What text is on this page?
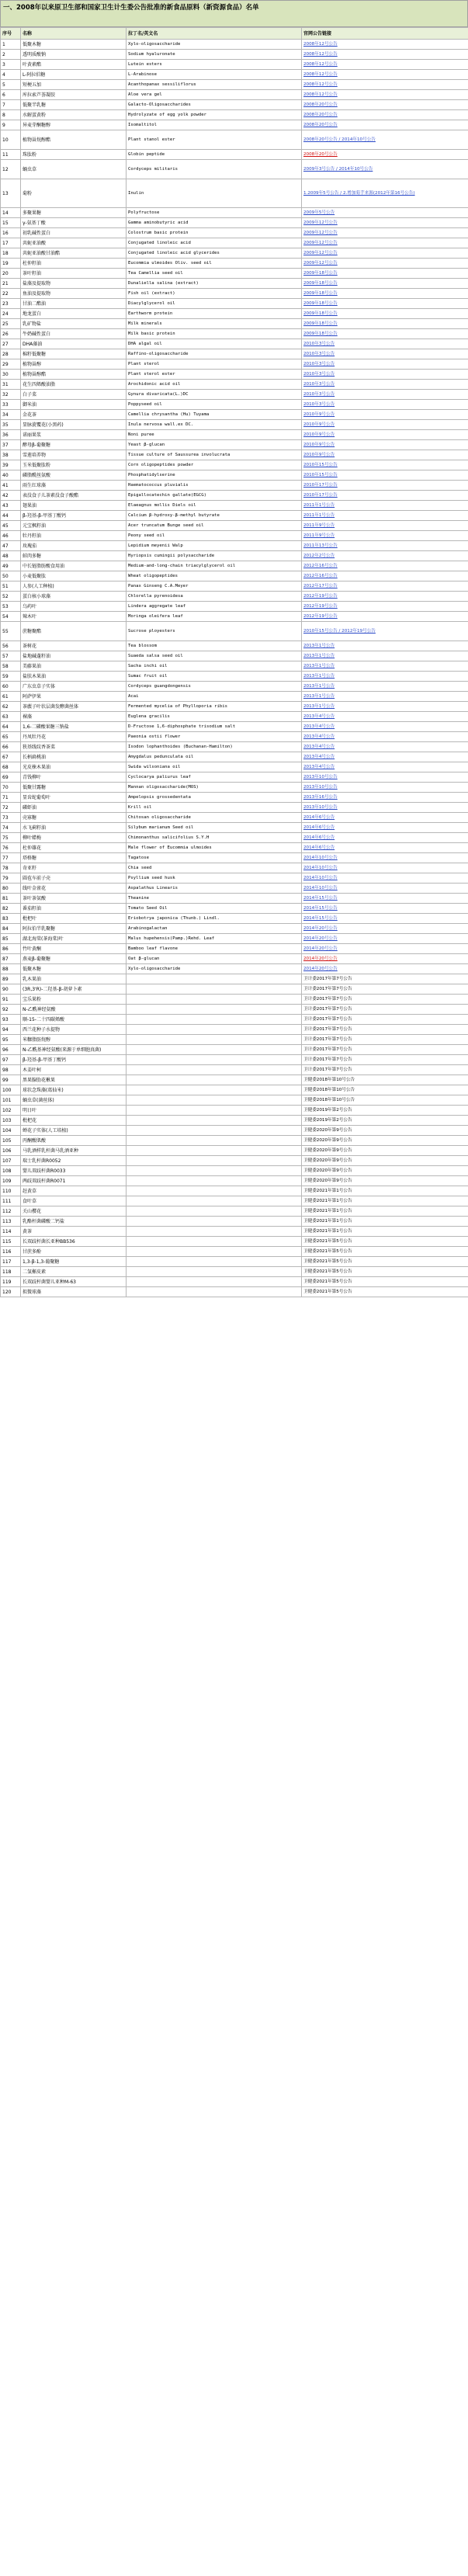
一、2008年以来原卫生部和国家卫生计生委公告批准的新食品原料（新资源食品）名单
序号	名称	拉丁名/英文名	官网公告链接
1	低聚木糖	Xylo-oligosaccharide	2008年12号公告
2	透明质酸钠	Sodium hyaluronate	2008年12号公告
3	叶黄素酯	Lutein esters	2008年12号公告
4	L-阿拉伯糖	L-Arabinose	2008年12号公告
5	短梗五加	Acanthopanax sessiliflorus	2008年12号公告
6	库拉索芦荟凝胶	Aloe vera gel	2008年12号公告
7	低聚半乳糖	Galacto-Oligosaccharides	2008年20号公告
8	水解蛋黄粉	Hydrolyzate of egg yolk powder	2008年20号公告
9	异麦芽酮糖醇	Isomaltitol	2008年20号公告
10	植物甾烷醇酯	Plant stanol ester	2008年20号公告 / 2014年10号公告
11	珠肽粉	Globin peptide	2008年20号公告
12	蛹虫草	Cordyceps militaris	2009年3号公告 / 2014年10号公告
13	菊粉	Inulin	1.2009年5号公告 / 2.增加菊芋来源(2012年第16号公告)
14	多聚果糖	Polyfructose	2009年5号公告
15	γ-氨基丁酸	Gamma aminobutyric acid	2009年12号公告
16	初乳碱性蛋白	Colostrum basic protein	2009年12号公告
17	共轭亚油酸	Conjugated linoleic acid	2009年12号公告
18	共轭亚油酸甘油酯	Conjugated linoleic acid glycerides	2009年12号公告
19	杜仲籽油	Eucommia ulmoides Oliv. seed oil	2009年12号公告
20	茶叶籽油	Tea Camellia seed oil	2009年18号公告
21	盐藻及提取物	Dunaliella salina (extract)	2009年18号公告
22	鱼油及提取物	Fish oil (extract)	2009年18号公告
23	甘油二酯油	Diacylglycerol oil	2009年18号公告
24	地龙蛋白	Earthworm protein	2009年18号公告
25	乳矿物盐	Milk minerals	2009年18号公告
26	牛奶碱性蛋白	Milk basic protein	2009年18号公告
27	DHA藻油	DHA algal oil	2010年3号公告
28	棉籽低聚糖	Raffino-oligosaccharide	2010年3号公告
29	植物甾醇	Plant sterol	2010年3号公告
30	植物甾醇酯	Plant sterol ester	2010年3号公告
31	花生四烯酸油脂	Arochidonic acid oil	2010年3号公告
32	白子菜	Gynura divaricata(L.)DC	2010年3号公告
33	御米油	Poppyseed oil	2010年3号公告
34	金花茶	Camellia chrysantha (Hu) Tuyama	2010年9号公告
35	显脉旋覆花(小黑药)	Inula nervosa wall.ex DC.	2010年9号公告
36	诺丽果浆	Noni puree	2010年9号公告
37	酵母β-葡聚糖	Yeast β-glucan	2010年9号公告
38	雪莲培养物	Tissue culture of Saussurea involucrata	2010年9号公告
39	玉米低聚肽粉	Corn oligopeptides powder	2010年15号公告
40	磷脂酰丝氨酸	Phosphatidylserine	2010年15号公告
41	雨生红球藻	Haematococcus pluvialis	2010年17号公告
42	表没食子儿茶素没食子酸酯	Epigallocatechin gallate(EGCG)	2010年17号公告
43	翅果油	Elaeagnus mollis Diels oil	2011年1号公告
44	β-羟基-β-甲基丁酸钙	Calcium β-hydroxy-β-methyl butyrate	2011年1号公告
45	元宝枫籽油	Acer truncatum Bunge seed oil	2011年9号公告
46	牡丹籽油	Peony seed oil	2011年9号公告
47	玫瑰茄	Lepidium meyenii Walp	2011年13号公告
48	蚌肉多糖	Hyriopsis cumingii polysaccharide	2012年2号公告
49	中长链脂肪酸食用油	Medium-and-long-chain triacylglycerol oil	2012年16号公告
50	小麦低聚肽	Wheat oligopeptides	2012年16号公告
51	人参(人工种植)	Panax Ginseng C.A.Meyer	2012年17号公告
52	蛋白核小球藻	Chlorella pyrenoidesa	2012年19号公告
53	乌药叶	Lindera aggregate leaf	2012年19号公告
54	辣木叶	Moringa oleifera leaf	2012年19号公告
55	蔗糖聚酯	Sucrose ployesters	2010年15号公告 / 2012年19号公告
56	茶树花	Tea blossom	2013年1号公告
57	盐地碱蓬籽油	Suaeda salsa seed oil	2013年1号公告
58	美藤果油	Sacha inchi oil	2013年1号公告
59	盐肤木果油	Sumac fruit oil	2013年1号公告
60	广东虫草子实体	Cordyceps guangdongensis	2013年1号公告
61	阿萨伊果	Acai	2013年1号公告
62	茶藨子叶状层菌发酵菌丝体	Fermented mycelia of Phylloporia ribis	2013年1号公告
63	裸藻	Euglena gracilis	2013年4号公告
64	1,6-二磷酸果糖三钠盐	D-Fructose 1,6-diphosphate trisodium salt	2013年4号公告
65	丹凤牡丹花	Paeonia ostii flower	2013年4号公告
66	狭基线纹香茶菜	Isodon lophanthoides (Buchanan-Hamilton)	2013年4号公告
67	长柄扁桃油	Amygdalus pedunculata oil	2013年4号公告
68	光皮梾木果油	Swida wilsoniana oil	2013年4号公告
69	青钱柳叶	Cyclocarya paliurus leaf	2013年10号公告
70	低聚甘露糖	Mannan oligosaccharide(MOS)	2013年10号公告
71	显齿蛇葡萄叶	Ampelopsis grossedentata	2013年16号公告
72	磷虾油	Krill oil	2013年10号公告
73	壳寡糖	Chitosan oligosaccharide	2014年6号公告
74	水飞蓟籽油	Silybum marianum Seed oil	2014年6号公告
75	柳叶蜡梅	Chimonanthus salicifolius S.Y.H	2014年6号公告
76	杜仲雄花	Male flower of Eucommia ulmoides	2014年6号公告
77	塔格糖	Tagatose	2014年10号公告
78	奇亚籽	Chia seed	2014年10号公告
79	圆苞车前子壳	Psyllium seed husk	2014年10号公告
80	线叶金雀花	Aspalathus Linearis	2014年10号公告
81	茶叶茶氨酸	Theanine	2014年15号公告
82	番茄籽油	Tomato Seed Oil	2014年15号公告
83	枇杷叶	Eriobotrya japonica (Thunb.) Lindl.	2014年15号公告
84	阿拉伯半乳聚糖	Arabinogalactan	2014年20号公告
85	湖北海棠(茶海棠)叶	Malus hupehensis(Pamp.)Rehd. Leaf	2014年20号公告
86	竹叶黄酮	Bamboo leaf flavone	2014年20号公告
87	燕麦β-葡聚糖	Oat β-glucan	2014年20号公告
88	低聚木糖	Xylo-oligosaccharide	2014年20号公告
89	乳木果油		卫计委2017年第7号公告
90	(3R,3'R)-二羟基-β-胡萝卜素		卫计委2017年第7号公告
91	宝乐果粉		卫计委2017年第7号公告
92	N-乙酰神经氨酸		卫计委2017年第7号公告
93	顺-15-二十四碳烯酸		卫计委2017年第7号公告
94	西兰花种子水提物		卫计委2017年第7号公告
95	米糠脂肪烷醇		卫计委2017年第7号公告
96	N-乙酰基神经氨酸(来源于单细胞真菌)		卫计委2017年第7号公告
97	β-羟基-β-甲基丁酸钙		卫计委2017年第7号公告
98	木姜叶柯		卫计委2017年第7号公告
99	黑果腺肋花楸果		卫健委2018年第10号公告
100	球状念珠藻(葛仙米)		卫健委2018年第10号公告
101	蛹虫草(菌丝体)		卫健委2018年第10号公告
102	明日叶		卫健委2019年第2号公告
103	枇杷花		卫健委2019年第2号公告
104	蝉花子实体(人工培植)		卫健委2020年第9号公告
105	丙酮酸肌酸		卫健委2020年第9号公告
106	马乳酒样乳杆菌马乳酒亚种		卫健委2020年第9号公告
107	瑞士乳杆菌R0052		卫健委2020年第9号公告
108	婴儿双歧杆菌R0033		卫健委2020年第9号公告
109	两歧双歧杆菌R0071		卫健委2020年第9号公告
110	赶黄草		卫健委2021年第1号公告
111	食叶草		卫健委2021年第1号公告
112	关山樱花		卫健委2021年第1号公告
113	乳酪杆菌磷酸二钙盐		卫健委2021年第1号公告
114	黄茶		卫健委2021年第1号公告
115	长双歧杆菌长亚种BB536		卫健委2021年第5号公告
116	甘蔗多酚		卫健委2021年第5号公告
117	1,3-β-1,3-葡聚糖		卫健委2021年第5号公告
118	二氢槲皮素		卫健委2021年第5号公告
119	长双歧杆菌婴儿亚种M-63		卫健委2021年第5号公告
120	拟微球藻		卫健委2021年第5号公告
